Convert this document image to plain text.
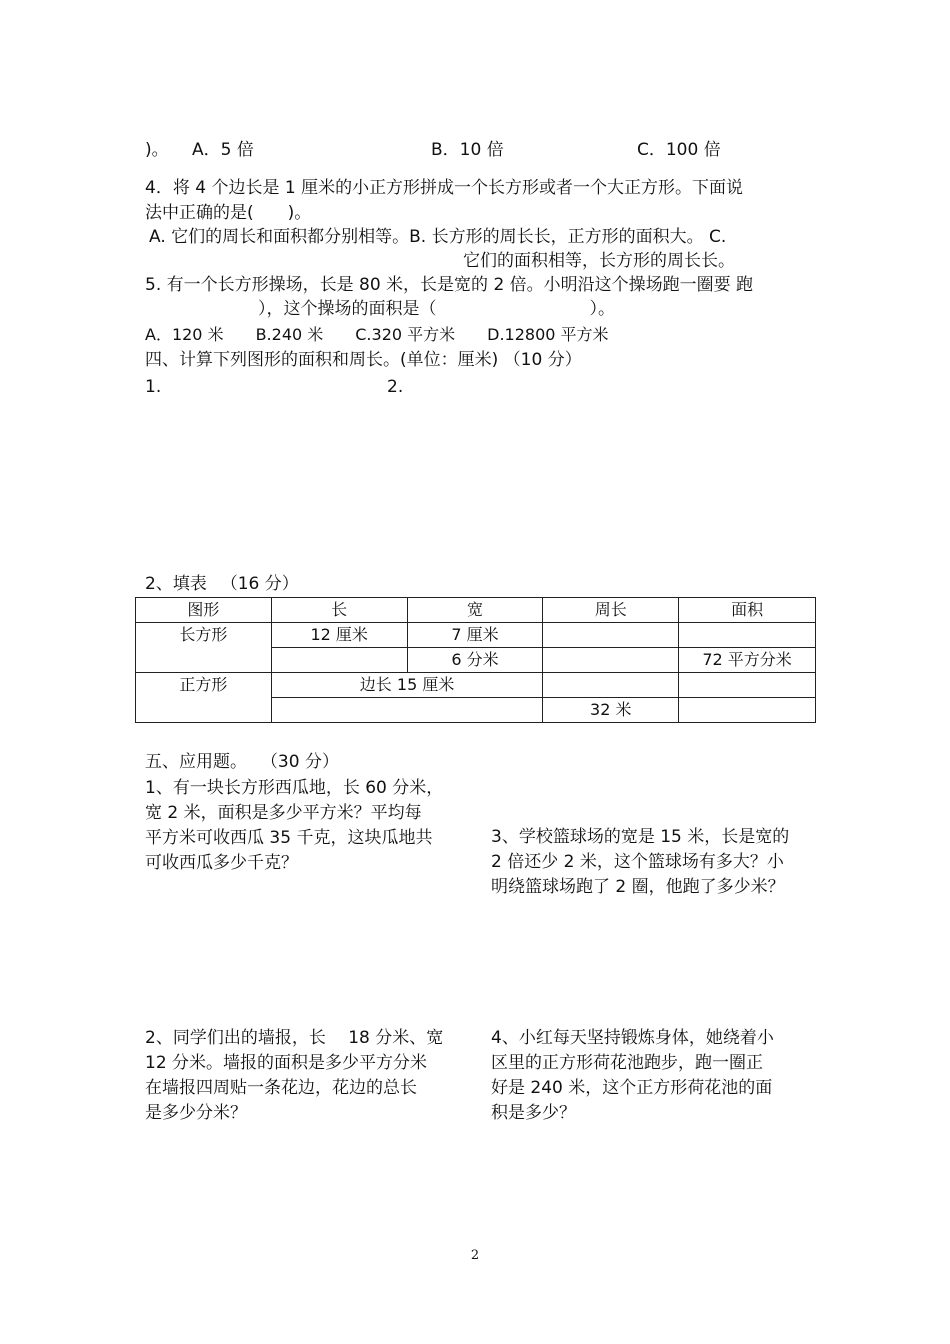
)。 A．5 倍	B．10 倍	C．100 倍
4．将 4 个边长是 1 厘米的小正方形拼成一个长方形或者一个大正方形。下面说
法中正确的是(　　)。
A. 它们的周长和面积都分别相等。B. 长方形的周长长，正方形的面积大。 C.
它们的面积相等，长方形的周长长。
5. 有一个长方形操场，长是 80 米，长是宽的 2 倍。小明沿这个操场跑一圈要 跑
），这个操场的面积是（　　　　　　　　　）。
A．120 米　　B.240 米　　C.320 平方米　　D.12800 平方米
四、计算下列图形的面积和周长。(单位：厘米) （10 分）
1.	2.
2、填表 　（16 分）
图形	长	宽	周长	面积
长方形	12 厘米	7 厘米		
		6 分米		72 平方分米
正方形	边长 15 厘米			
			32 米	
五、应用题。 　（30 分）
1、有一块长方形西瓜地，长 60 分米，
宽 2 米，面积是多少平方米？平均每
平方米可收西瓜 35 千克，这块瓜地共
可收西瓜多少千克？
3、学校篮球场的宽是 15 米，长是宽的
2 倍还少 2 米，这个篮球场有多大？小
明绕篮球场跑了 2 圈，他跑了多少米？
2、同学们出的墙报，长 　18 分米、宽
12 分米。墙报的面积是多少平方分米
在墙报四周贴一条花边，花边的总长
是多少分米？
4、小红每天坚持锻炼身体，她绕着小
区里的正方形荷花池跑步，跑一圈正
好是 240 米，这个正方形荷花池的面
积是多少？
2
